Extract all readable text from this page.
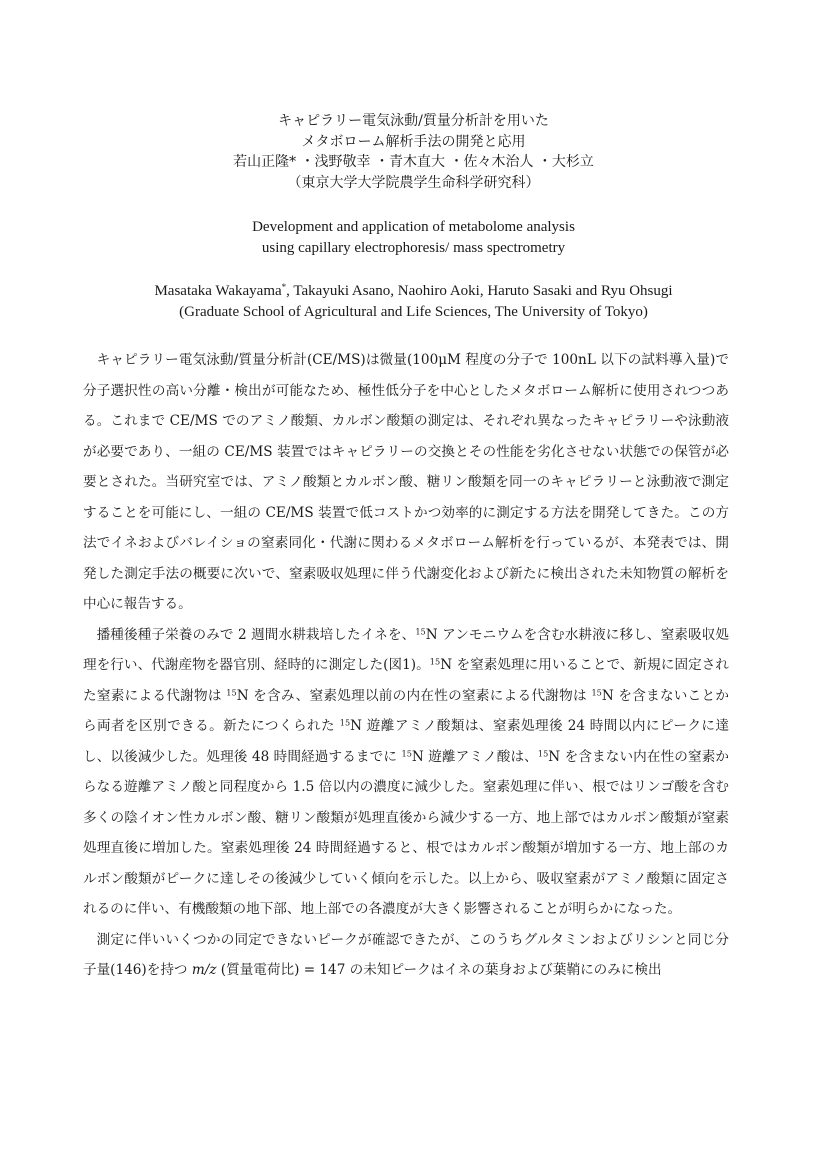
キャピラリー電気泳動/質量分析計を用いた
メタボローム解析手法の開発と応用
若山正隆* ・浅野敬幸 ・青木直大 ・佐々木治人 ・大杉立
（東京大学大学院農学生命科学研究科）
Development and application of metabolome analysis
using capillary electrophoresis/ mass spectrometry
Masataka Wakayama*, Takayuki Asano, Naohiro Aoki, Haruto Sasaki and Ryu Ohsugi
(Graduate School of Agricultural and Life Sciences, The University of Tokyo)

キャピラリー電気泳動/質量分析計(CE/MS)は微量(100μM 程度の分子で 100nL 以下の試料導入量)で分子選択性の高い分離・検出が可能なため、極性低分子を中心としたメタボローム解析に使用されつつある。これまで CE/MS でのアミノ酸類、カルボン酸類の測定は、それぞれ異なったキャピラリーや泳動液が必要であり、一組の CE/MS 装置ではキャピラリーの交換とその性能を劣化させない状態での保管が必要とされた。当研究室では、アミノ酸類とカルボン酸、糖リン酸類を同一のキャピラリーと泳動液で測定することを可能にし、一組の CE/MS 装置で低コストかつ効率的に測定する方法を開発してきた。この方法でイネおよびバレイショの窒素同化・代謝に関わるメタボローム解析を行っているが、本発表では、開発した測定手法の概要に次いで、窒素吸収処理に伴う代謝変化および新たに検出された未知物質の解析を中心に報告する。

播種後種子栄養のみで 2 週間水耕栽培したイネを、$^{15}$N アンモニウムを含む水耕液に移し、窒素吸収処理を行い、代謝産物を器官別、経時的に測定した(図1)。$^{15}$N を窒素処理に用いることで、新規に固定された窒素による代謝物は $^{15}$N を含み、窒素処理以前の内在性の窒素による代謝物は $^{15}$N を含まないことから両者を区別できる。新たにつくられた $^{15}$N 遊離アミノ酸類は、窒素処理後 24 時間以内にピークに達し、以後減少した。処理後 48 時間経過するまでに $^{15}$N 遊離アミノ酸は、$^{15}$N を含まない内在性の窒素からなる遊離アミノ酸と同程度から 1.5 倍以内の濃度に減少した。窒素処理に伴い、根ではリンゴ酸を含む多くの陰イオン性カルボン酸、糖リン酸類が処理直後から減少する一方、地上部ではカルボン酸類が窒素処理直後に増加した。窒素処理後 24 時間経過すると、根ではカルボン酸類が増加する一方、地上部のカルボン酸類がピークに達しその後減少していく傾向を示した。以上から、吸収窒素がアミノ酸類に固定されるのに伴い、有機酸類の地下部、地上部での各濃度が大きく影響されることが明らかになった。

測定に伴いいくつかの同定できないピークが確認できたが、このうちグルタミンおよびリシンと同じ分子量(146)を持つ m/z (質量電荷比) = 147 の未知ピークはイネの葉身および葉鞘にのみに検出
